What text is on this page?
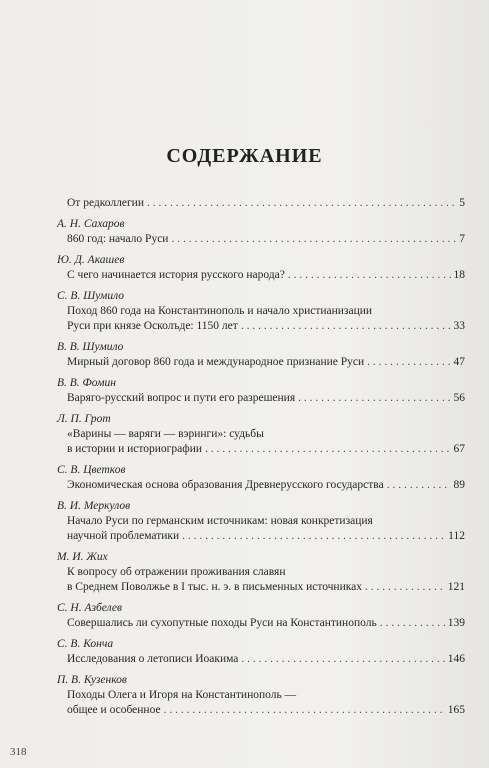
СОДЕРЖАНИЕ
От редколлегии . . .	5
А. Н. Сахаров
860 год: начало Руси . . .	7
Ю. Д. Акашев
С чего начинается история русского народа? . . .	18
С. В. Шумило
Поход 860 года на Константинополь и начало христианизации
Руси при князе Осколъде: 1150 лет . . .	33
В. В. Шумило
Мирный договор 860 года и международное признание Руси . . .	47
В. В. Фомин
Варяго-русский вопрос и пути его разрешения . . .	56
Л. П. Грот
«Варины — варяги — вэринги»: судьбы
в истории и историографии . . .	67
С. В. Цветков
Экономическая основа образования Древнерусского государства . . .	89
В. И. Меркулов
Начало Руси по германским источникам: новая конкретизация
научной проблематики . . .	112
М. И. Жих
К вопросу об отражении проживания славян
в Среднем Поволжье в I тыс. н. э. в письменных источниках . . .	121
С. Н. Азбелев
Совершались ли сухопутные походы Руси на Константинополь . . .	139
С. В. Конча
Исследования о летописи Иоакима . . .	146
П. В. Кузенков
Походы Олега и Игоря на Константинополь —
общее и особенное . . .	165
318
